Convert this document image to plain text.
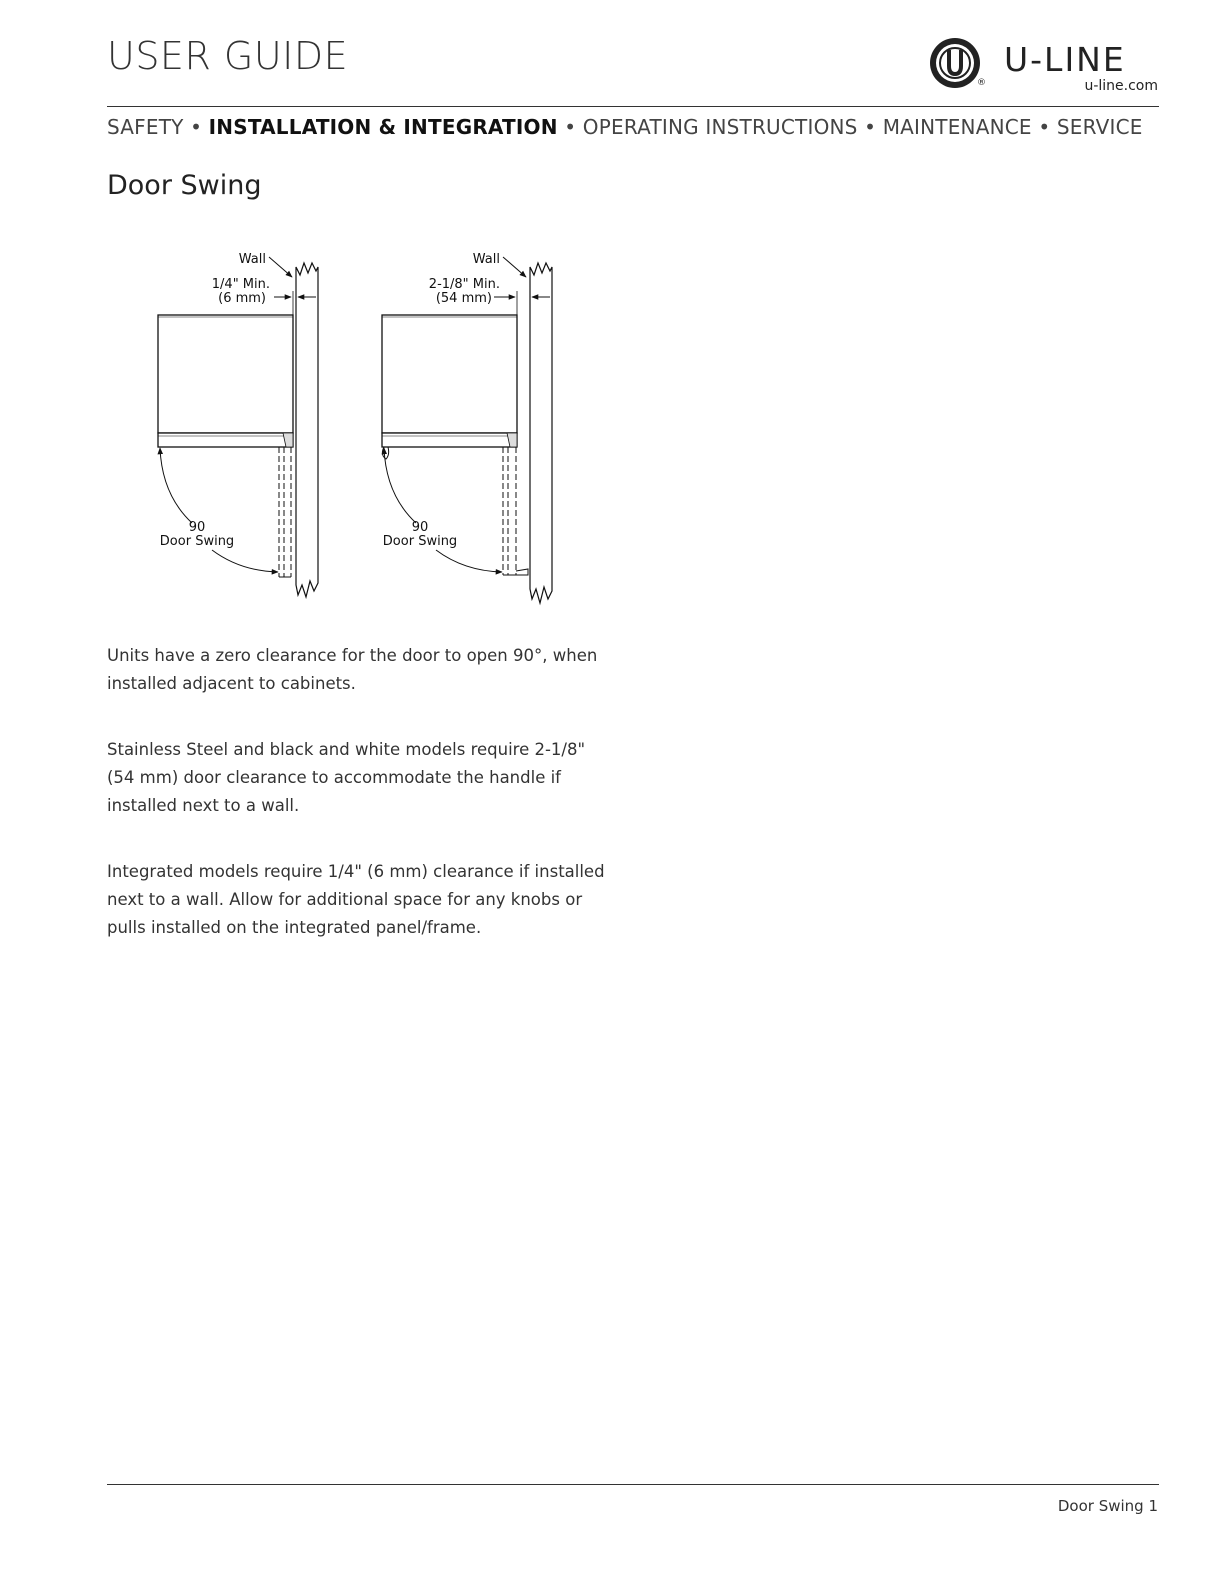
USER GUIDE
®
U-LINE
u-line.com
SAFETY • INSTALLATION & INTEGRATION • OPERATING INSTRUCTIONS • MAINTENANCE • SERVICE
Door Swing
Wall
1/4" Min.
(6 mm)
90
Door Swing
Wall
2-1/8" Min.
(54 mm)
90
Door Swing

Units have a zero clearance for the door to open 90°, when installed adjacent to cabinets.

Stainless Steel and black and white models require 2-1/8" (54 mm) door clearance to accommodate the handle if installed next to a wall.

Integrated models require 1/4" (6 mm) clearance if installed next to a wall. Allow for additional space for any knobs or pulls installed on the integrated panel/frame.

Door Swing 1
